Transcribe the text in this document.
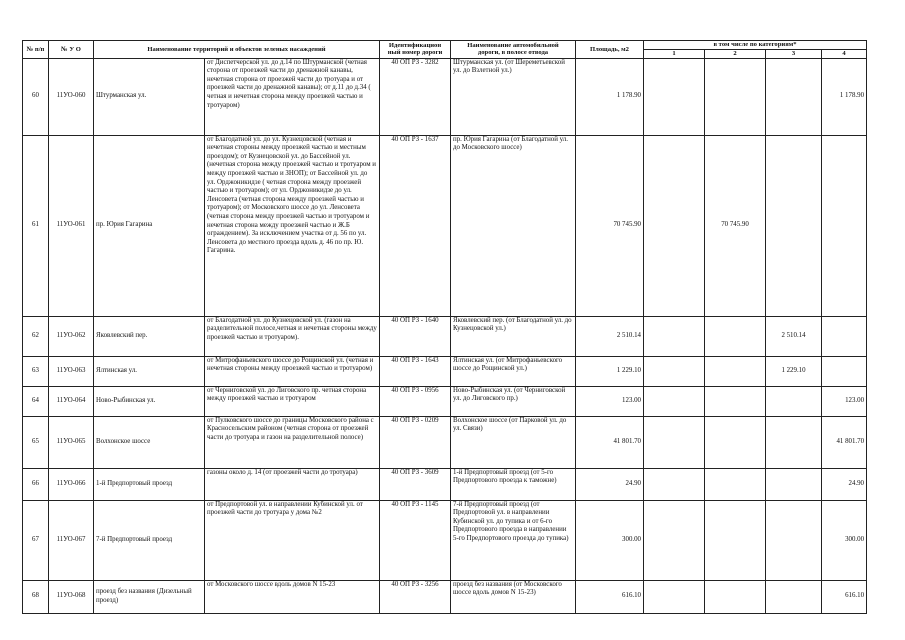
№ п/п	№ У О	Наименование территорий и объектов зеленых насаждений		Идентификацион
ный номер дороги	Наименование автомобильной
дороги, в полосе отвода	Площадь, м2	в том числе по категориям*			
							1	2	3	4
60	11УО-060	Штурманская ул.	от Диспетчерской ул. до д.14 по Штурманской (четная сторона от проезжей части до дренажной канавы, нечетная сторона от проезжей части до тротуара и от проезжей части до дренажной канавы); от д.11 до д.34 ( четная и нечетная сторона между проезжей частью и тротуаром)	40 ОП РЗ - 3282	Штурманская ул. (от Шереметьевской ул. до Взлетной ул.)	1 178.90				1 178.90
61	11УО-061	пр. Юрия Гагарина	от Благодатной ул. до ул. Кузнецовской (четная и нечетная стороны между проезжей частью и местным проездом); от Кузнецовской ул. до Бассейной ул. (нечетная сторона между проезжей частью и тротуаром и между проезжей частью и ЗНОП); от Бассейной ул. до ул. Орджоникидзе ( четная сторона между проезжей частью и тротуаром); от ул. Орджоникидзе до ул. Ленсовета (четная сторона между проезжей частью и тротуаром); от Московского шоссе до ул. Ленсовета (четная сторона между проезжей частью и тротуаром и нечетная сторона между проезжей частью и Ж.Б ограждением). За исключением участка от д. 56 по ул. Ленсовета до местного проезда вдоль д. 46 по пр. Ю. Гагарина.	40 ОП РЗ - 1637	пр. Юрия Гагарина (от Благодатной ул. до Московского шоссе)	70 745.90		70 745.90		
62	11УО-062	Яковлевский пер.	от Благодатной ул. до Кузнецовской ул. (газон на разделительной полосе,четная и нечетная стороны между проезжей частью и тротуаром).	40 ОП РЗ - 1640	Яковлевский пер. (от Благодатной ул. до Кузнецовской ул.)	2 510.14			2 510.14	
63	11УО-063	Ялтинская ул.	от Митрофаньевского шоссе до Рощинской ул. (четная и нечетная стороны между проезжей частью и тротуаром)	40 ОП РЗ - 1643	Ялтинская ул. (от Митрофаньевского шоссе до Рощинской ул.)	1 229.10			1 229.10	
64	11УО-064	Ново-Рыбинская ул.	от Черниговской ул. до Лиговского пр. четная сторона между проезжей частью и тротуаром	40 ОП РЗ - 0956	Ново-Рыбинская ул. (от Черниговской ул. до Лиговского пр.)	123.00				123.00
65	11УО-065	Волхонское шоссе	от Пулковского шоссе до границы Московского района с Красносельским районом (четная сторона от проезжей части до тротуара и газон на разделительной полосе)	40 ОП РЗ - 0209	Волхонское шоссе (от Парковой ул. до ул. Связи)	41 801.70				41 801.70
66	11УО-066	1-й Предпортовый проезд	газоны около д. 14 (от проезжей части до тротуара)	40 ОП РЗ - 3609	1-й Предпортовый проезд (от 5-го Предпортового проезда к таможне)	24.90				24.90
67	11УО-067	7-й Предпортовый проезд	от Предпортовой ул. в направлении Кубинской ул. от проезжей части до тротуара у дома №2	40 ОП РЗ - 1145	7-й Предпортовый проезд (от Предпортовой ул. в направлении Кубинской ул. до тупика и от 6-го Предпортового проезда в направлении 5-го Предпортового проезда до тупика)	300.00				300.00
68	11УО-068	проезд без названия (Дизельный проезд)	от Московского шоссе вдоль домов N 15-23	40 ОП РЗ - 3256	проезд без названия (от Московского шоссе вдоль домов N 15-23)	616.10				616.10
